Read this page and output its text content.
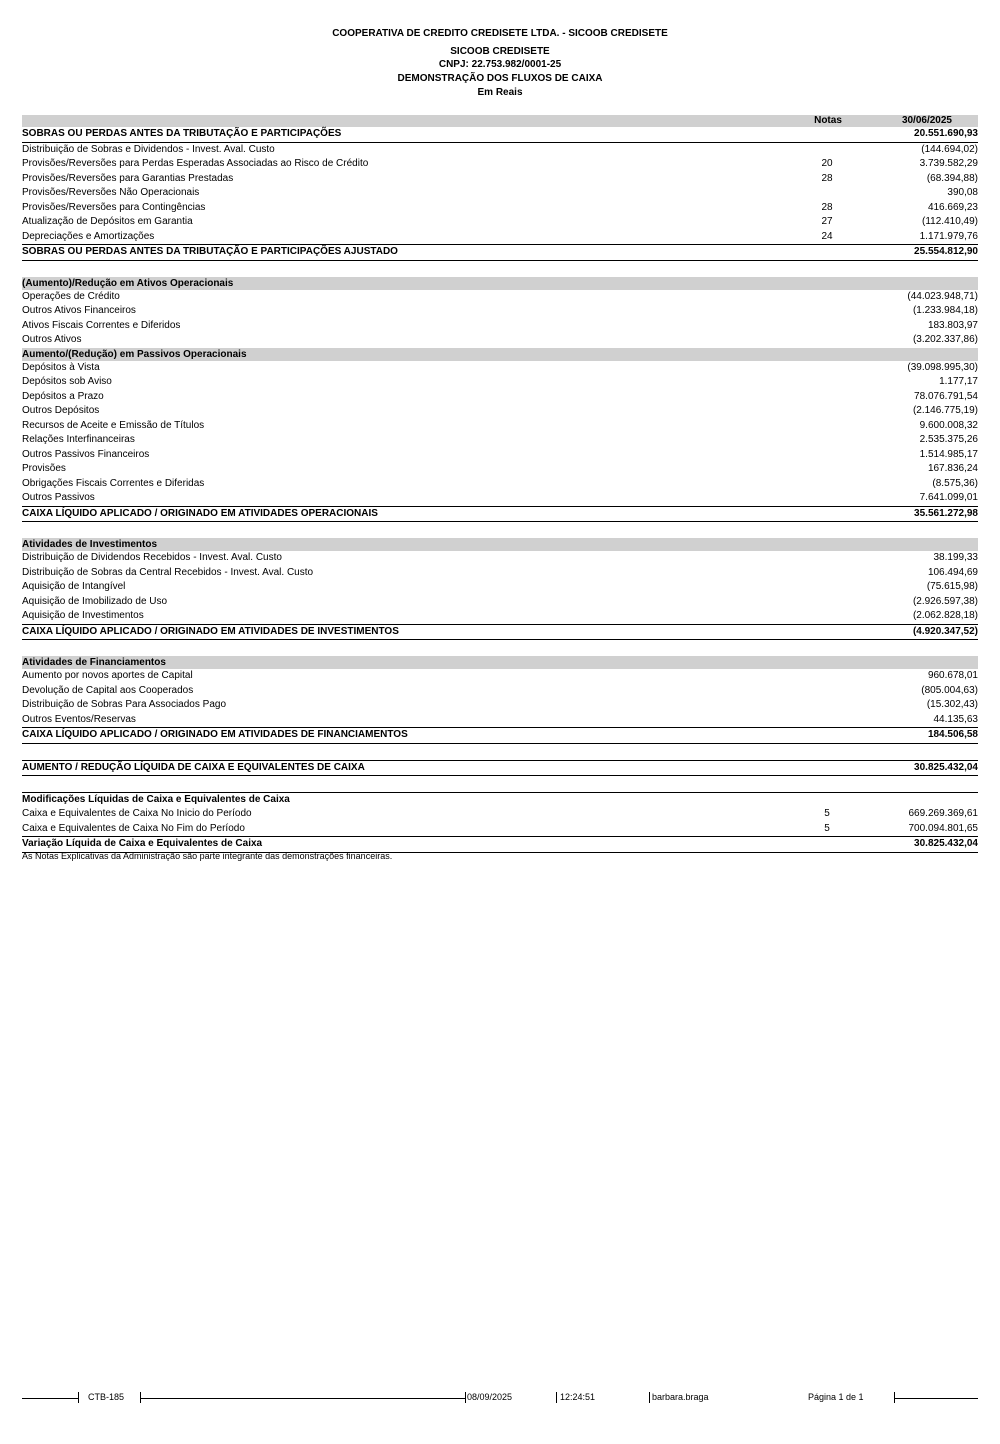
COOPERATIVA DE CREDITO CREDISETE LTDA. - SICOOB CREDISETE
SICOOB CREDISETE
CNPJ: 22.753.982/0001-25
DEMONSTRAÇÃO DOS FLUXOS DE CAIXA
Em Reais
Notas	30/06/2025
SOBRAS OU PERDAS ANTES DA TRIBUTAÇÃO E PARTICIPAÇÕES	20.551.690,93
Distribuição de Sobras e Dividendos - Invest. Aval. Custo	(144.694,02)
Provisões/Reversões para Perdas Esperadas Associadas ao Risco de Crédito	20	3.739.582,29
Provisões/Reversões para Garantias Prestadas	28	(68.394,88)
Provisões/Reversões Não Operacionais	390,08
Provisões/Reversões para Contingências	28	416.669,23
Atualização de Depósitos em Garantia	27	(112.410,49)
Depreciações e Amortizações	24	1.171.979,76
SOBRAS OU PERDAS ANTES DA TRIBUTAÇÃO E PARTICIPAÇÕES AJUSTADO	25.554.812,90
(Aumento)/Redução em Ativos Operacionais
Operações de Crédito	(44.023.948,71)
Outros Ativos Financeiros	(1.233.984,18)
Ativos Fiscais Correntes e Diferidos	183.803,97
Outros Ativos	(3.202.337,86)
Aumento/(Redução) em Passivos Operacionais
Depósitos à Vista	(39.098.995,30)
Depósitos sob Aviso	1.177,17
Depósitos a Prazo	78.076.791,54
Outros Depósitos	(2.146.775,19)
Recursos de Aceite e Emissão de Títulos	9.600.008,32
Relações Interfinanceiras	2.535.375,26
Outros Passivos Financeiros	1.514.985,17
Provisões	167.836,24
Obrigações Fiscais Correntes e Diferidas	(8.575,36)
Outros Passivos	7.641.099,01
CAIXA LÍQUIDO APLICADO / ORIGINADO EM ATIVIDADES OPERACIONAIS	35.561.272,98
Atividades de Investimentos
Distribuição de Dividendos Recebidos - Invest. Aval. Custo	38.199,33
Distribuição de Sobras da Central Recebidos - Invest. Aval. Custo	106.494,69
Aquisição de Intangível	(75.615,98)
Aquisição de Imobilizado de Uso	(2.926.597,38)
Aquisição de Investimentos	(2.062.828,18)
CAIXA LÍQUIDO APLICADO / ORIGINADO EM ATIVIDADES DE INVESTIMENTOS	(4.920.347,52)
Atividades de Financiamentos
Aumento por novos aportes de Capital	960.678,01
Devolução de Capital aos Cooperados	(805.004,63)
Distribuição de Sobras Para Associados Pago	(15.302,43)
Outros Eventos/Reservas	44.135,63
CAIXA LÍQUIDO APLICADO / ORIGINADO EM ATIVIDADES DE FINANCIAMENTOS	184.506,58
AUMENTO / REDUÇÃO LÍQUIDA DE CAIXA E EQUIVALENTES DE CAIXA	30.825.432,04
Modificações Líquidas de Caixa e Equivalentes de Caixa
Caixa e Equivalentes de Caixa No Inicio do Período	5	669.269.369,61
Caixa e Equivalentes de Caixa No Fim do Período	5	700.094.801,65
Variação Líquida de Caixa e Equivalentes de Caixa	30.825.432,04
As Notas Explicativas da Administração são parte integrante das demonstrações financeiras.
CTB-185	08/09/2025	12:24:51	barbara.braga	Página 1 de 1
